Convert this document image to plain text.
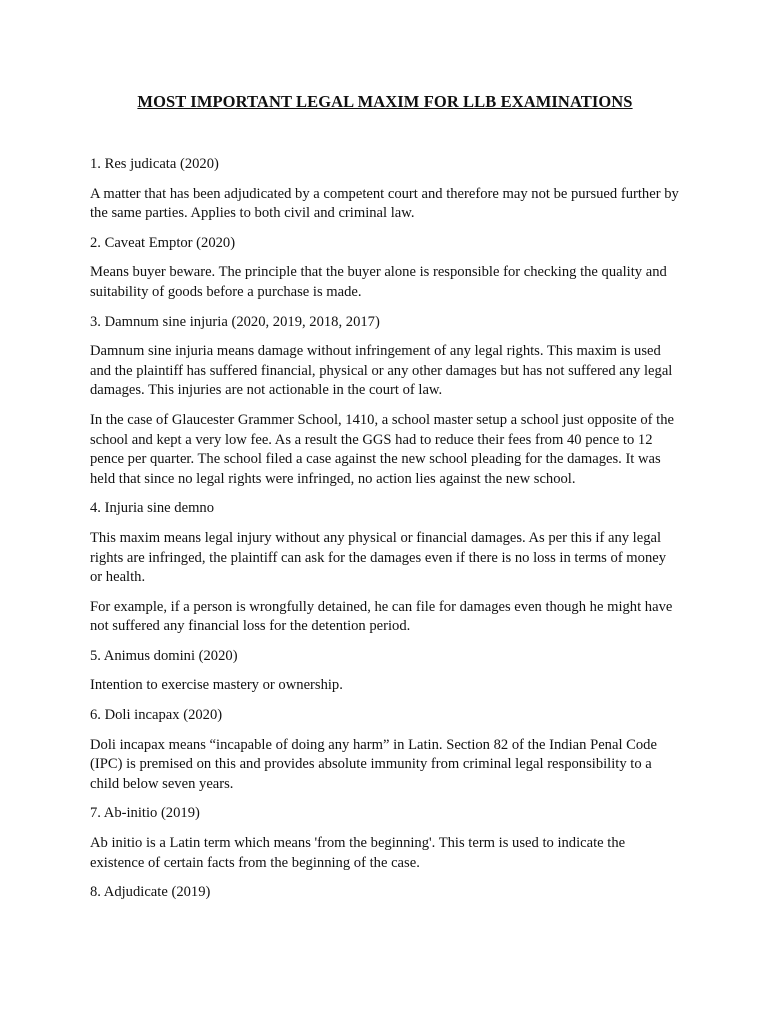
MOST IMPORTANT LEGAL MAXIM FOR LLB EXAMINATIONS
1. Res judicata (2020)
A matter that has been adjudicated by a competent court and therefore may not be pursued further by the same parties. Applies to both civil and criminal law.
2. Caveat Emptor (2020)
Means buyer beware. The principle that the buyer alone is responsible for checking the quality and suitability of goods before a purchase is made.
3. Damnum sine injuria (2020, 2019, 2018, 2017)
Damnum sine injuria means damage without infringement of any legal rights. This maxim is used and the plaintiff has suffered financial, physical or any other damages but has not suffered any legal damages. This injuries are not actionable in the court of law.
In the case of Glaucester Grammer School, 1410, a school master setup a school just opposite of the school and kept a very low fee. As a result the GGS had to reduce their fees from 40 pence to 12 pence per quarter. The school filed a case against the new school pleading for the damages. It was held that since no legal rights were infringed, no action lies against the new school.
4. Injuria sine demno
This maxim means legal injury without any physical or financial damages. As per this if any legal rights are infringed, the plaintiff can ask for the damages even if there is no loss in terms of money or health.
For example, if a person is wrongfully detained, he can file for damages even though he might have not suffered any financial loss for the detention period.
5. Animus domini (2020)
Intention to exercise mastery or ownership.
6. Doli incapax (2020)
Doli incapax means “incapable of doing any harm” in Latin. Section 82 of the Indian Penal Code (IPC) is premised on this and provides absolute immunity from criminal legal responsibility to a child below seven years.
7. Ab-initio (2019)
Ab initio is a Latin term which means 'from the beginning'. This term is used to indicate the existence of certain facts from the beginning of the case.
8. Adjudicate (2019)
